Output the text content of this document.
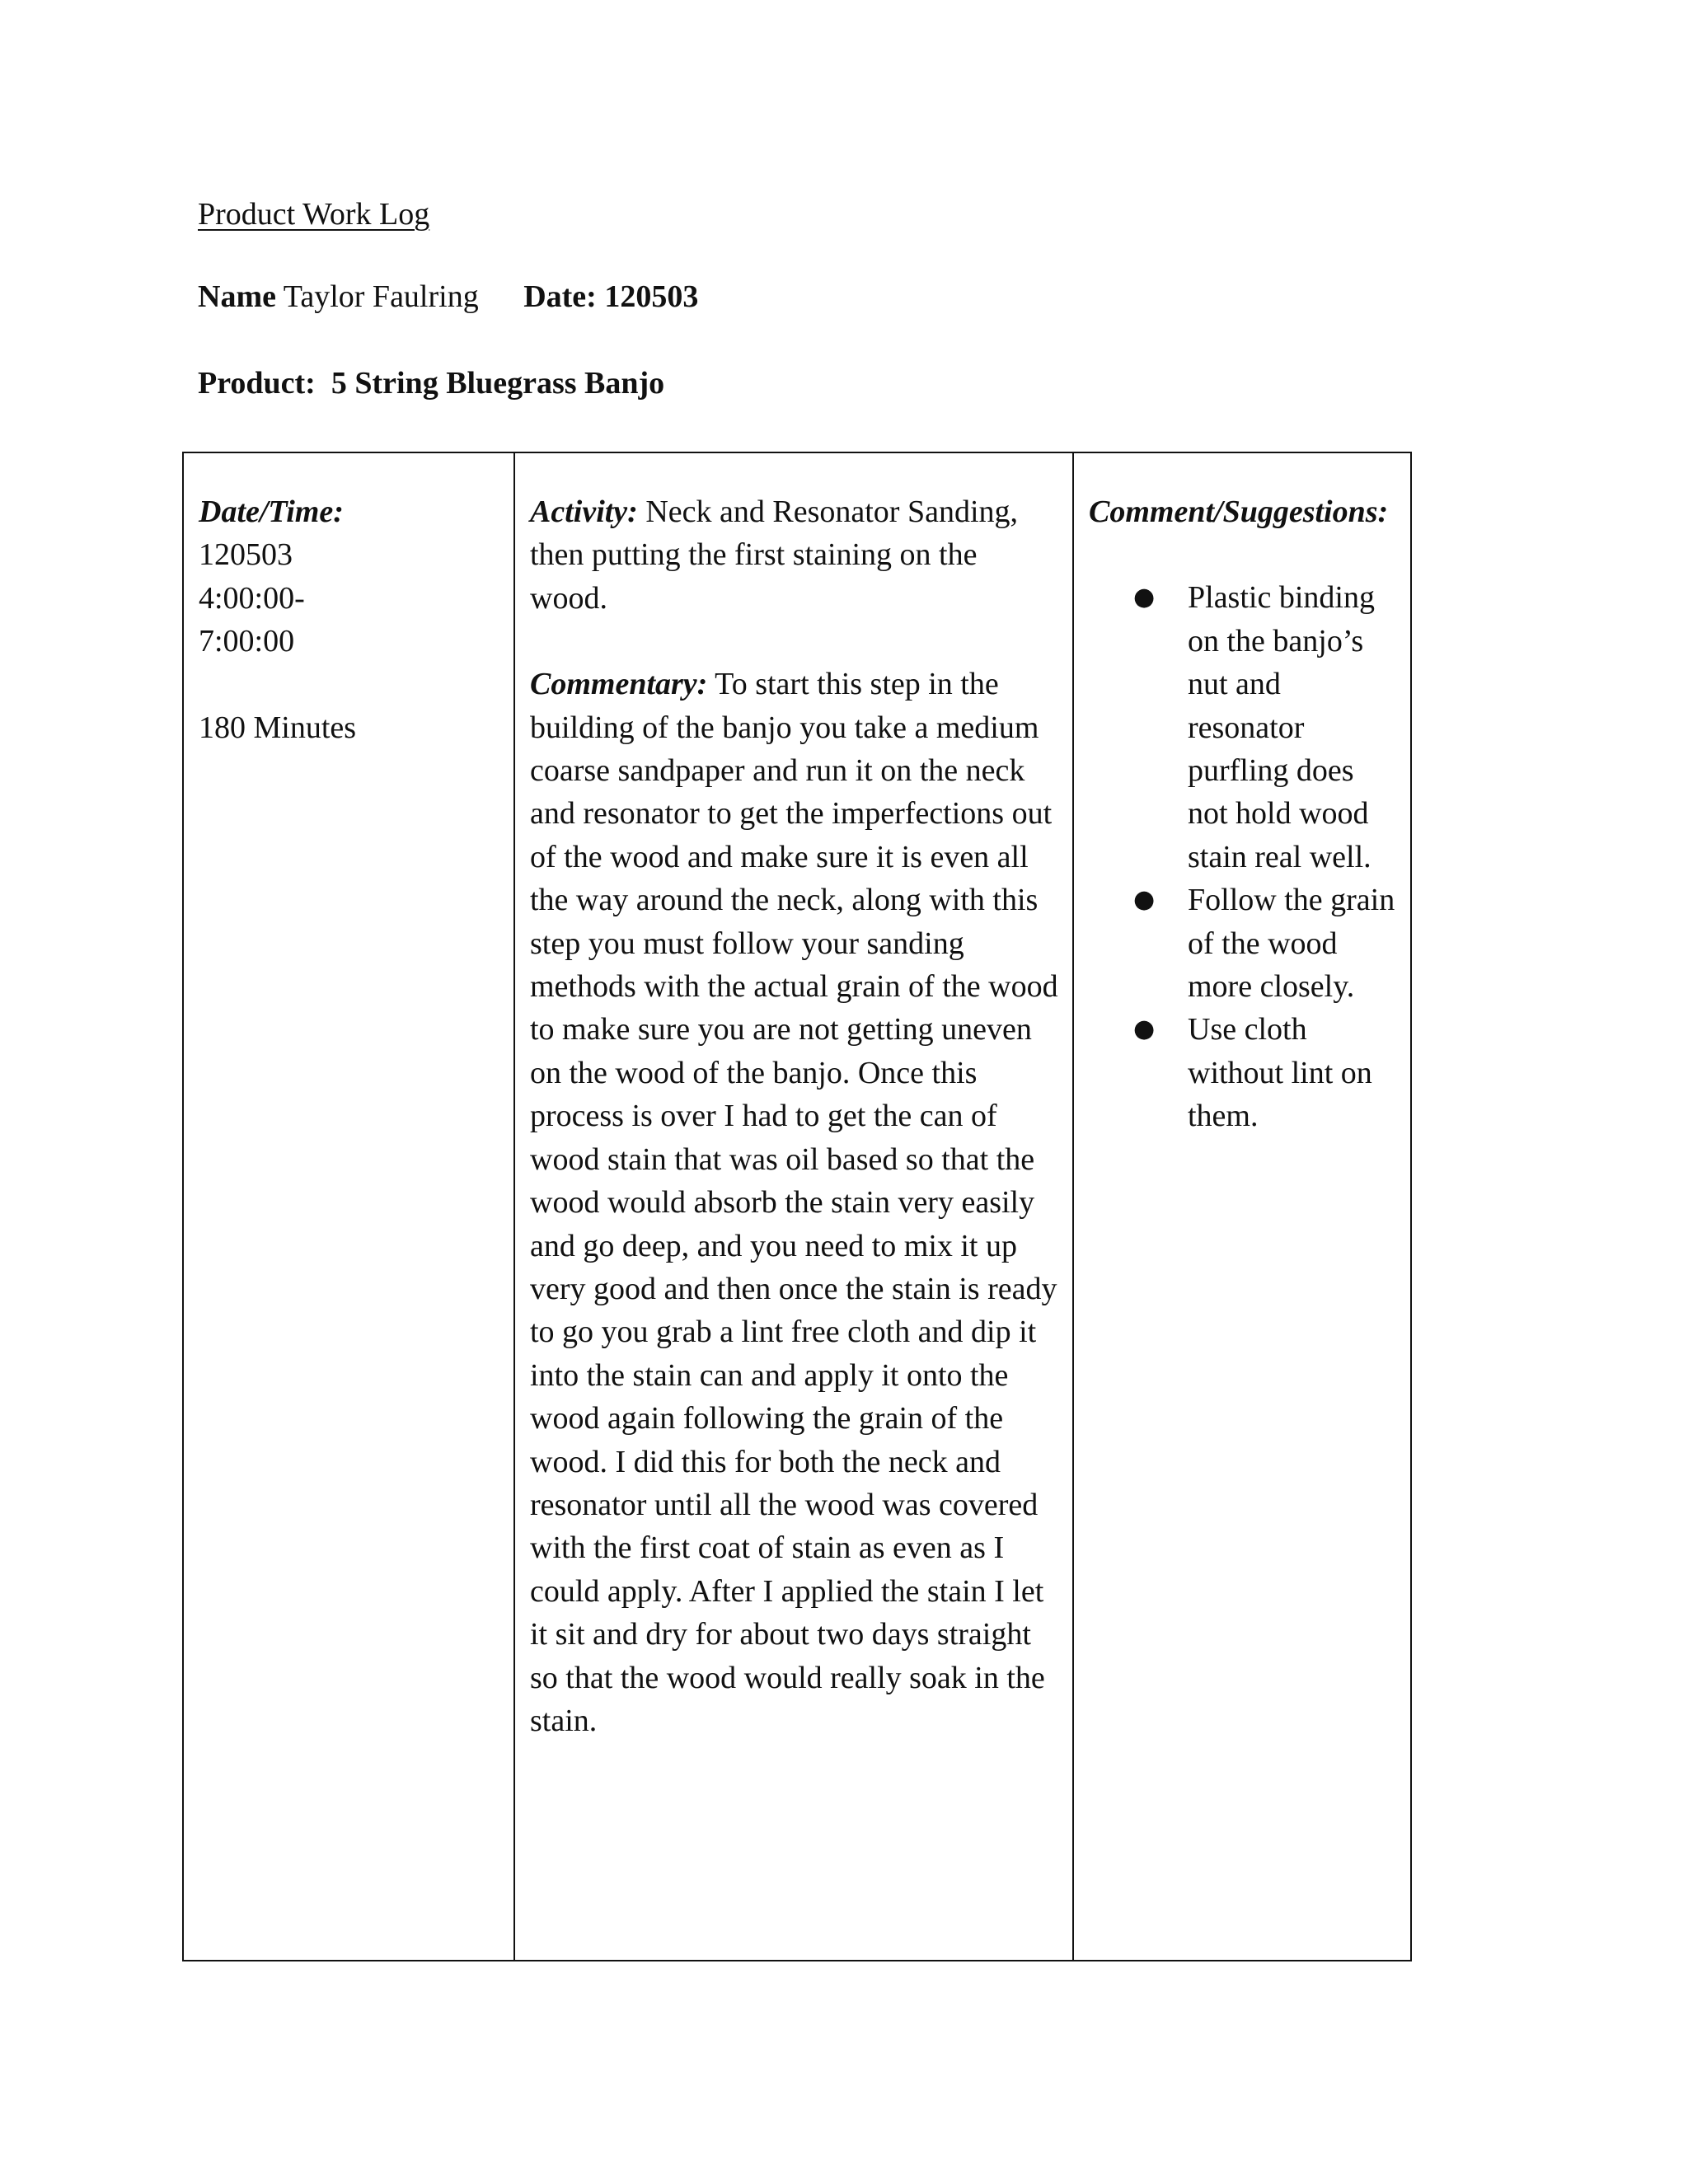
Product Work Log
Name Taylor Faulring Date: 120503
Product: 5 String Bluegrass Banjo
Date/Time:
120503
4:00:00-
7:00:00
180 Minutes

Activity: Neck and Resonator Sanding, then putting the first staining on the wood.

Commentary: To start this step in the building of the banjo you take a medium coarse sandpaper and run it on the neck and resonator to get the imperfections out of the wood and make sure it is even all the way around the neck, along with this step you must follow your sanding methods with the actual grain of the wood to make sure you are not getting uneven on the wood of the banjo. Once this process is over I had to get the can of wood stain that was oil based so that the wood would absorb the stain very easily and go deep, and you need to mix it up very good and then once the stain is ready to go you grab a lint free cloth and dip it into the stain can and apply it onto the wood again following the grain of the wood. I did this for both the neck and resonator until all the wood was covered with the first coat of stain as even as I could apply. After I applied the stain I let it sit and dry for about two days straight so that the wood would really soak in the stain.

Comment/Suggestions:
● Plastic binding on the banjo’s nut and resonator purfling does not hold wood stain real well.
● Follow the grain of the wood more closely.
● Use cloth without lint on them.
